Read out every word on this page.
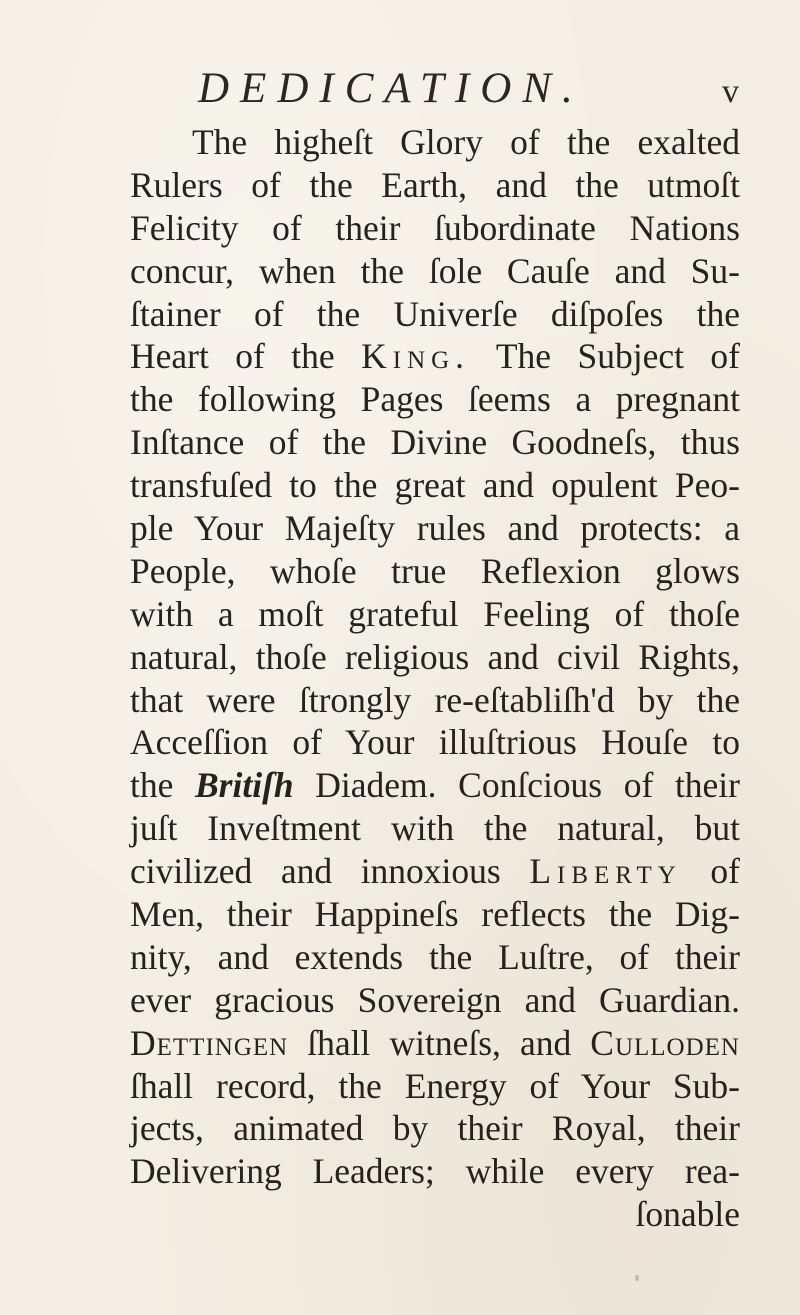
DEDICATION.	v
The higheſt Glory of the exalted
Rulers of the Earth, and the utmoſt
Felicity of their ſubordinate Nations
concur, when the ſole Cauſe and Su-
ſtainer of the Univerſe diſpoſes the
Heart of the King. The Subject of
the following Pages ſeems a pregnant
Inſtance of the Divine Goodneſs, thus
transfuſed to the great and opulent Peo-
ple Your Majeſty rules and protects: a
People, whoſe true Reflexion glows
with a moſt grateful Feeling of thoſe
natural, thoſe religious and civil Rights,
that were ſtrongly re-eſtabliſh'd by the
Acceſſion of Your illuſtrious Houſe to
the Britiſh Diadem. Conſcious of their
juſt Inveſtment with the natural, but
civilized and innoxious Liberty of
Men, their Happineſs reflects the Dig-
nity, and extends the Luſtre, of their
ever gracious Sovereign and Guardian.
Dettingen ſhall witneſs, and Culloden
ſhall record, the Energy of Your Sub-
jects, animated by their Royal, their
Delivering Leaders; while every rea-
ſonable
